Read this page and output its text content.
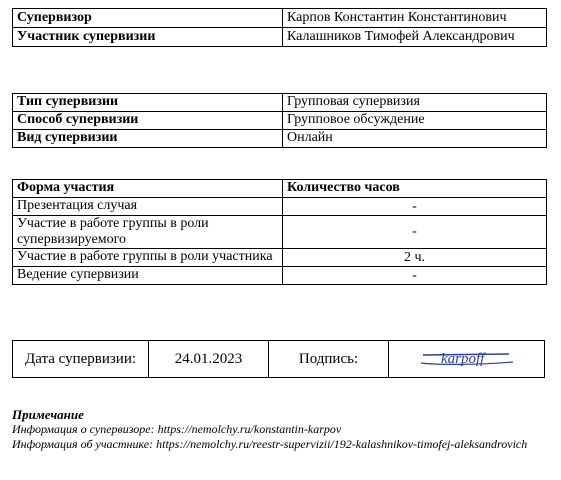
Супервизор	Карпов Константин Константинович
Участник супервизии	Калашников Тимофей Александрович
Тип супервизии	Групповая супервизия
Способ супервизии	Групповое обсуждение
Вид супервизии	Онлайн
Форма участия	Количество часов
Презентация случая	-
Участие в работе группы в роли супервизируемого	-
Участие в работе группы в роли участника	2 ч.
Ведение супервизии	-
Дата супервизии:	24.01.2023	Подпись:	karpoff
Примечание
Информация о супервизоре: https://nemolchy.ru/konstantin-karpov
Информация об участнике: https://nemolchy.ru/reestr-supervizii/192-kalashnikov-timofej-aleksandrovich
